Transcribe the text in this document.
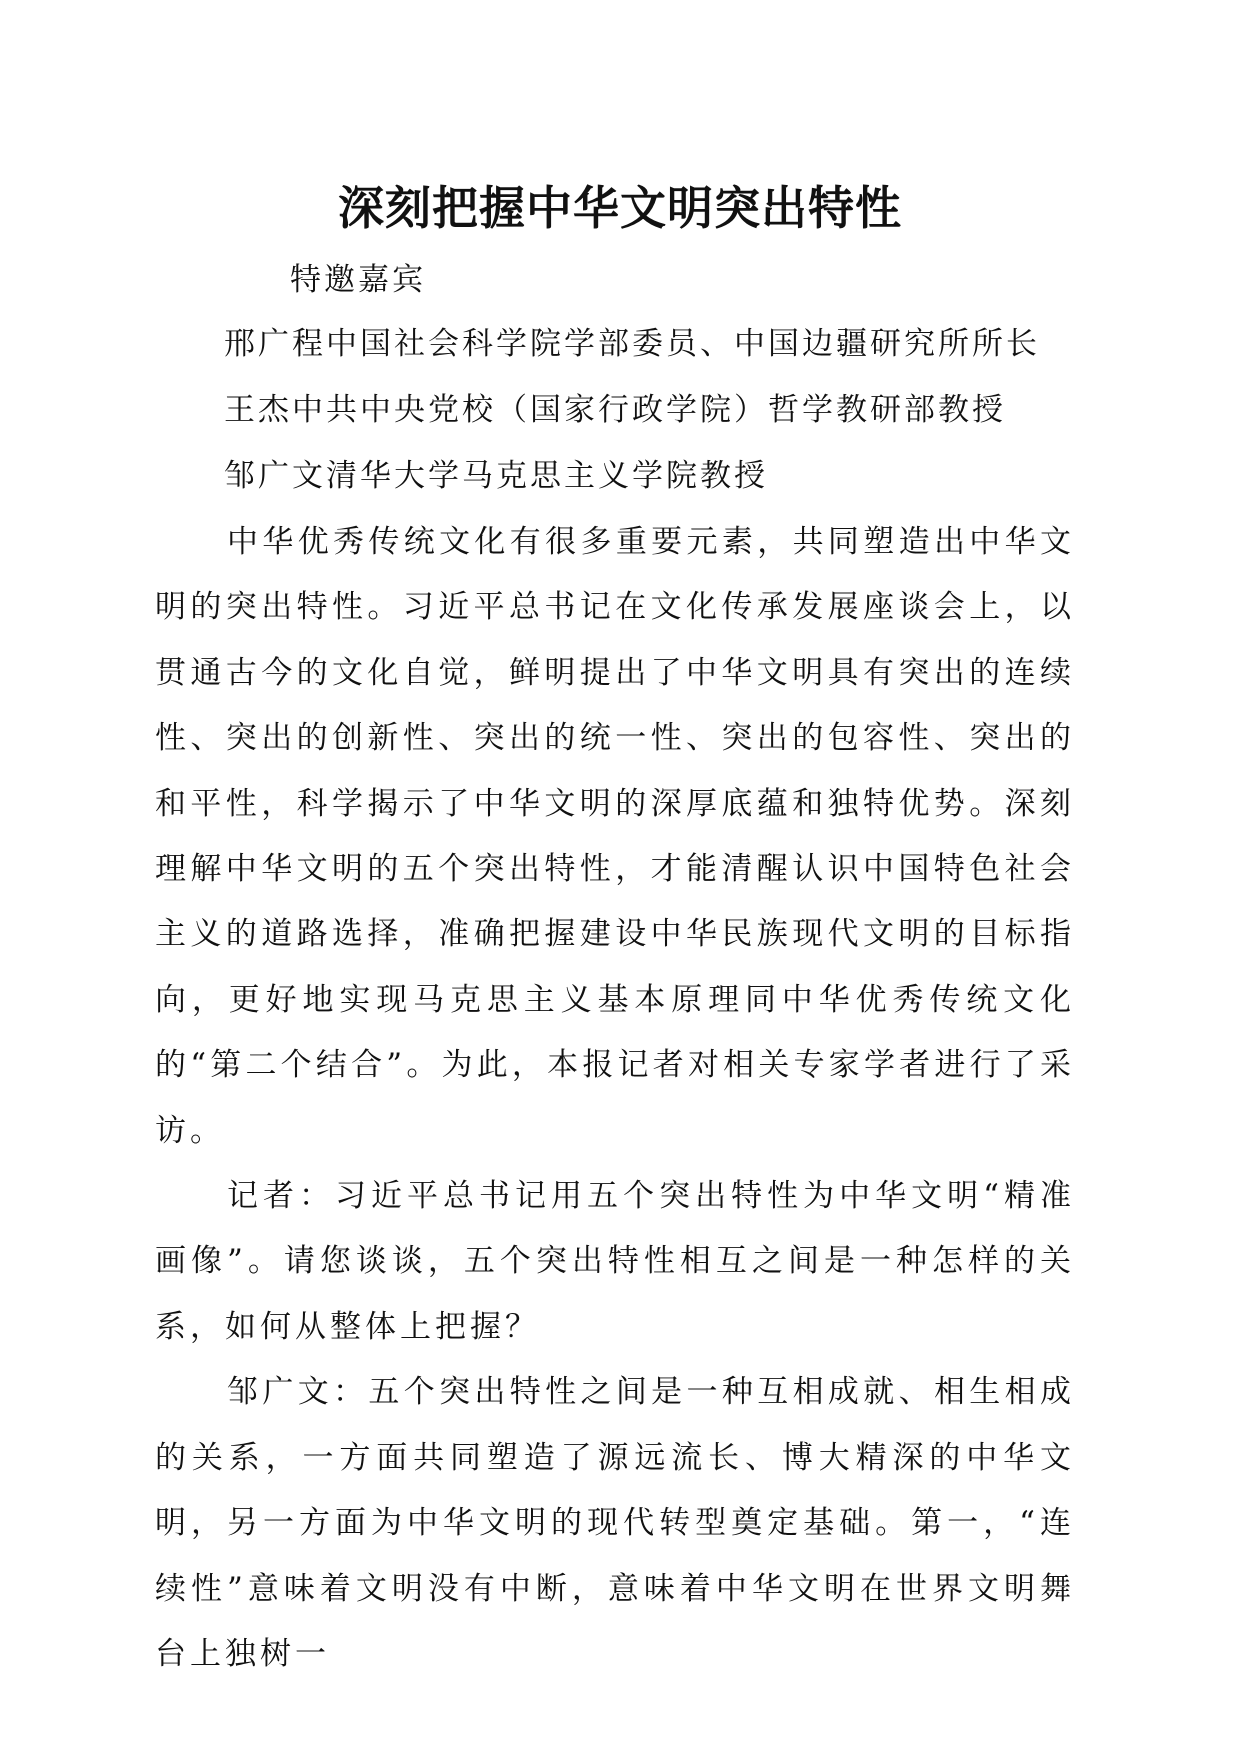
深刻把握中华文明突出特性

特邀嘉宾

邢广程中国社会科学院学部委员、中国边疆研究所所长
王杰中共中央党校（国家行政学院）哲学教研部教授
邹广文清华大学马克思主义学院教授

中华优秀传统文化有很多重要元素，共同塑造出中华文明的突出特性。习近平总书记在文化传承发展座谈会上，以贯通古今的文化自觉，鲜明提出了中华文明具有突出的连续性、突出的创新性、突出的统一性、突出的包容性、突出的和平性，科学揭示了中华文明的深厚底蕴和独特优势。深刻理解中华文明的五个突出特性，才能清醒认识中国特色社会主义的道路选择，准确把握建设中华民族现代文明的目标指向，更好地实现马克思主义基本原理同中华优秀传统文化的“第二个结合”。为此，本报记者对相关专家学者进行了采访。

记者：习近平总书记用五个突出特性为中华文明“精准画像”。请您谈谈，五个突出特性相互之间是一种怎样的关系，如何从整体上把握？

邹广文：五个突出特性之间是一种互相成就、相生相成的关系，一方面共同塑造了源远流长、博大精深的中华文明，另一方面为中华文明的现代转型奠定基础。第一，“连续性”意味着文明没有中断，意味着中华文明在世界文明舞台上独树一
